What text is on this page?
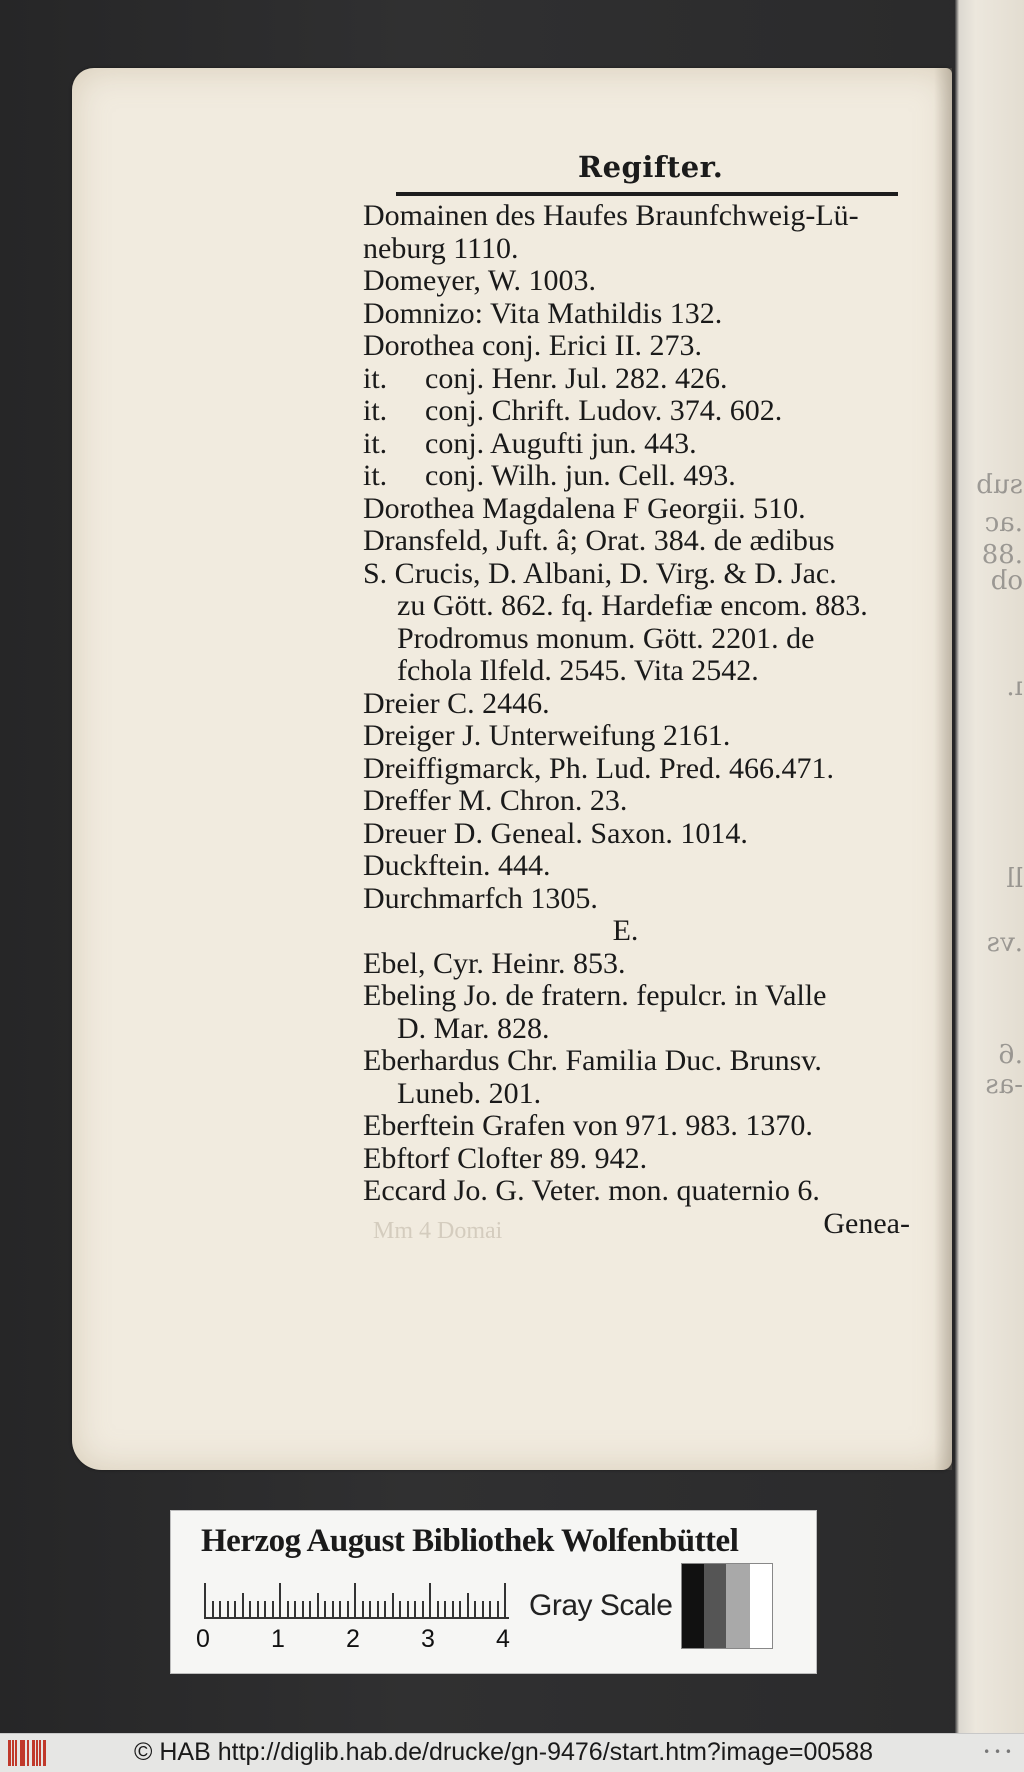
sub
.ac
.88
ob
ı.
ll
.vs
.6
-as
Regifter.
Domainen des Haufes Braunfchweig-Lü-
neburg 1110.
Domeyer, W. 1003.
Domnizo: Vita Mathildis 132.
Dorothea conj. Erici II. 273.
it. conj. Henr. Jul. 282. 426.
it. conj. Chrift. Ludov. 374. 602.
it. conj. Augufti jun. 443.
it. conj. Wilh. jun. Cell. 493.
Dorothea Magdalena F Georgii. 510.
Dransfeld, Juft. â; Orat. 384. de ædibus
S. Crucis, D. Albani, D. Virg. & D. Jac.
zu Gött. 862. fq. Hardefiæ encom. 883.
Prodromus monum. Gött. 2201. de
fchola Ilfeld. 2545. Vita 2542.
Dreier C. 2446.
Dreiger J. Unterweifung 2161.
Dreiffigmarck, Ph. Lud. Pred. 466.471.
Dreffer M. Chron. 23.
Dreuer D. Geneal. Saxon. 1014.
Duckftein. 444.
Durchmarfch 1305.
E.
Ebel, Cyr. Heinr. 853.
Ebeling Jo. de fratern. fepulcr. in Valle
D. Mar. 828.
Eberhardus Chr. Familia Duc. Brunsv.
Luneb. 201.
Eberftein Grafen von 971. 983. 1370.
Ebftorf Clofter 89. 942.
Eccard Jo. G. Veter. mon. quaternio 6.
Genea-
Mm 4 Domai
Herzog August Bibliothek Wolfenbüttel
0 1 2 3 4
Gray Scale
© HAB http://diglib.hab.de/drucke/gn-9476/start.htm?image=00588	• • •
